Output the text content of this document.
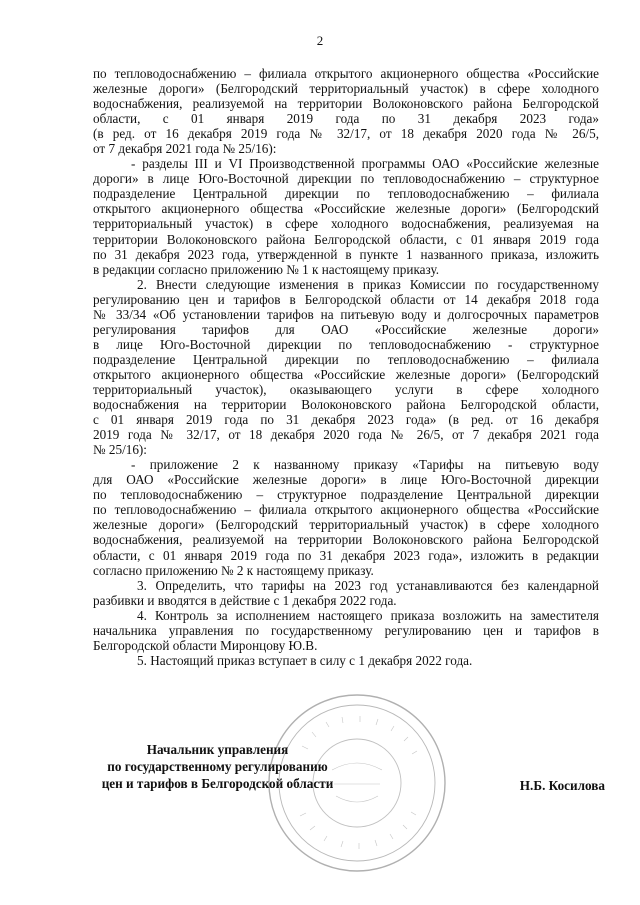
2
по тепловодоснабжению – филиала открытого акционерного общества «Российские
железные дороги» (Белгородский территориальный участок) в сфере холодного
водоснабжения, реализуемой на территории Волоконовского района Белгородской
области, с 01 января 2019 года по 31 декабря 2023 года»
(в ред. от 16 декабря 2019 года № 32/17, от 18 декабря 2020 года № 26/5,
от 7 декабря 2021 года № 25/16):
- разделы III и VI Производственной программы ОАО «Российские железные
дороги» в лице Юго-Восточной дирекции по тепловодоснабжению – структурное
подразделение Центральной дирекции по тепловодоснабжению – филиала
открытого акционерного общества «Российские железные дороги» (Белгородский
территориальный участок) в сфере холодного водоснабжения, реализуемая на
территории Волоконовского района Белгородской области, с 01 января 2019 года
по 31 декабря 2023 года, утвержденной в пункте 1 названного приказа, изложить
в редакции согласно приложению № 1 к настоящему приказу.
2. Внести следующие изменения в приказ Комиссии по государственному
регулированию цен и тарифов в Белгородской области от 14 декабря 2018 года
№ 33/34 «Об установлении тарифов на питьевую воду и долгосрочных параметров
регулирования тарифов для ОАО «Российские железные дороги»
в лице Юго-Восточной дирекции по тепловодоснабжению - структурное
подразделение Центральной дирекции по тепловодоснабжению – филиала
открытого акционерного общества «Российские железные дороги» (Белгородский
территориальный участок), оказывающего услуги в сфере холодного
водоснабжения на территории Волоконовского района Белгородской области,
с 01 января 2019 года по 31 декабря 2023 года» (в ред. от 16 декабря
2019 года № 32/17, от 18 декабря 2020 года № 26/5, от 7 декабря 2021 года
№ 25/16):
- приложение 2 к названному приказу «Тарифы на питьевую воду
для ОАО «Российские железные дороги» в лице Юго-Восточной дирекции
по тепловодоснабжению – структурное подразделение Центральной дирекции
по тепловодоснабжению – филиала открытого акционерного общества «Российские
железные дороги» (Белгородский территориальный участок) в сфере холодного
водоснабжения, реализуемой на территории Волоконовского района Белгородской
области, с 01 января 2019 года по 31 декабря 2023 года», изложить в редакции
согласно приложению № 2 к настоящему приказу.
3. Определить, что тарифы на 2023 год устанавливаются без календарной
разбивки и вводятся в действие с 1 декабря 2022 года.
4. Контроль за исполнением настоящего приказа возложить на заместителя
начальника управления по государственному регулированию цен и тарифов в
Белгородской области Миронцову Ю.В.
5. Настоящий приказ вступает в силу с 1 декабря 2022 года.
Начальник управления
по государственному регулированию
цен и тарифов в Белгородской области	Н.Б. Косилова
